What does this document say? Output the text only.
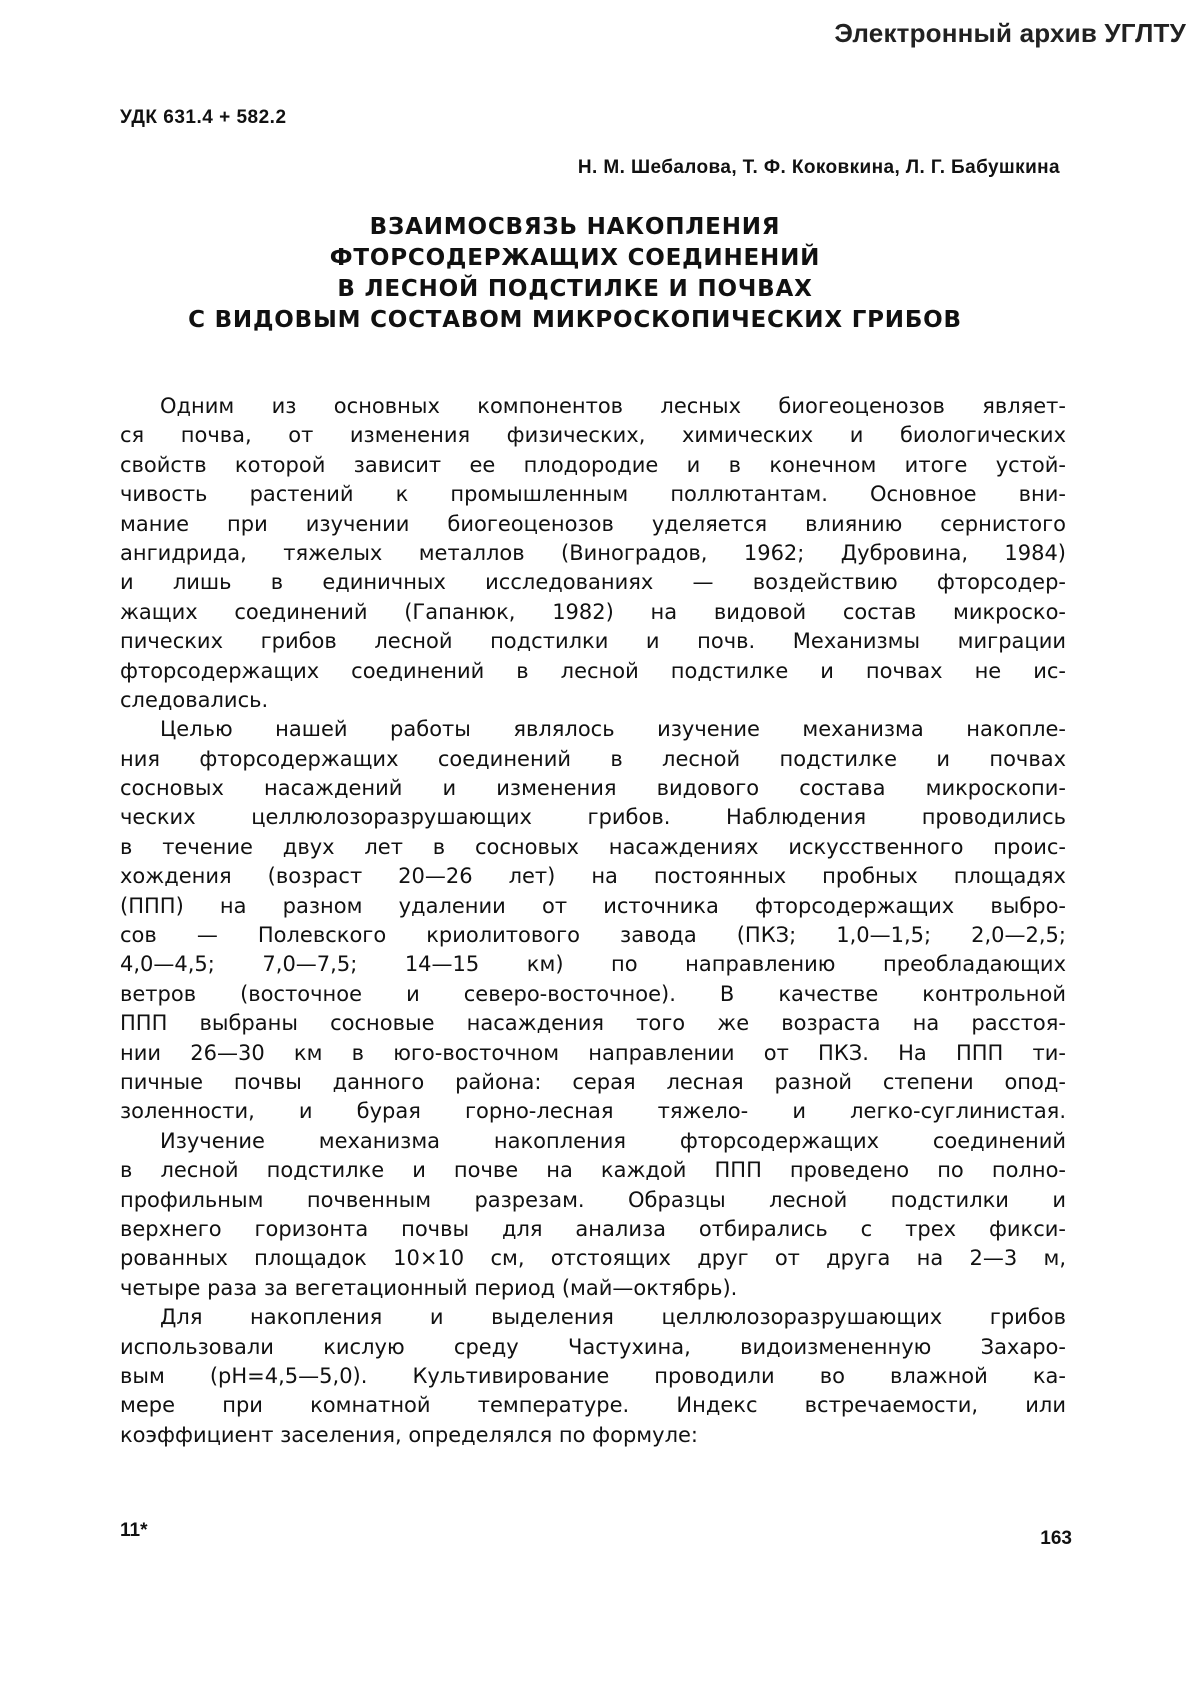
Электронный архив УГЛТУ
УДК 631.4 + 582.2
Н. М. Шебалова, Т. Ф. Коковкина, Л. Г. Бабушкина
ВЗАИМОСВЯЗЬ НАКОПЛЕНИЯ
ФТОРСОДЕРЖАЩИХ СОЕДИНЕНИЙ
В ЛЕСНОЙ ПОДСТИЛКЕ И ПОЧВАХ
С ВИДОВЫМ СОСТАВОМ МИКРОСКОПИЧЕСКИХ ГРИБОВ
Одним из основных компонентов лесных биогеоценозов являет-
ся почва, от изменения физических, химических и биологических
свойств которой зависит ее плодородие и в конечном итоге устой-
чивость растений к промышленным поллютантам. Основное вни-
мание при изучении биогеоценозов уделяется влиянию сернистого
ангидрида, тяжелых металлов (Виноградов, 1962; Дубровина, 1984)
и лишь в единичных исследованиях — воздействию фторсодер-
жащих соединений (Гапанюк, 1982) на видовой состав микроско-
пических грибов лесной подстилки и почв. Механизмы миграции
фторсодержащих соединений в лесной подстилке и почвах не ис-
следовались.
Целью нашей работы являлось изучение механизма накопле-
ния фторсодержащих соединений в лесной подстилке и почвах
сосновых насаждений и изменения видового состава микроскопи-
ческих целлюлозоразрушающих грибов. Наблюдения проводились
в течение двух лет в сосновых насаждениях искусственного проис-
хождения (возраст 20—26 лет) на постоянных пробных площадях
(ППП) на разном удалении от источника фторсодержащих выбро-
сов — Полевского криолитового завода (ПКЗ; 1,0—1,5; 2,0—2,5;
4,0—4,5; 7,0—7,5; 14—15 км) по направлению преобладающих
ветров (восточное и северо-восточное). В качестве контрольной
ППП выбраны сосновые насаждения того же возраста на расстоя-
нии 26—30 км в юго-восточном направлении от ПКЗ. На ППП ти-
пичные почвы данного района: серая лесная разной степени опод-
золенности, и бурая горно-лесная тяжело- и легко-суглинистая.
Изучение механизма накопления фторсодержащих соединений
в лесной подстилке и почве на каждой ППП проведено по полно-
профильным почвенным разрезам. Образцы лесной подстилки и
верхнего горизонта почвы для анализа отбирались с трех фикси-
рованных площадок 10×10 см, отстоящих друг от друга на 2—3 м,
четыре раза за вегетационный период (май—октябрь).
Для накопления и выделения целлюлозоразрушающих грибов
использовали кислую среду Частухина, видоизмененную Захаро-
вым (pH=4,5—5,0). Культивирование проводили во влажной ка-
мере при комнатной температуре. Индекс встречаемости, или
коэффициент заселения, определялся по формуле:
11*	163
